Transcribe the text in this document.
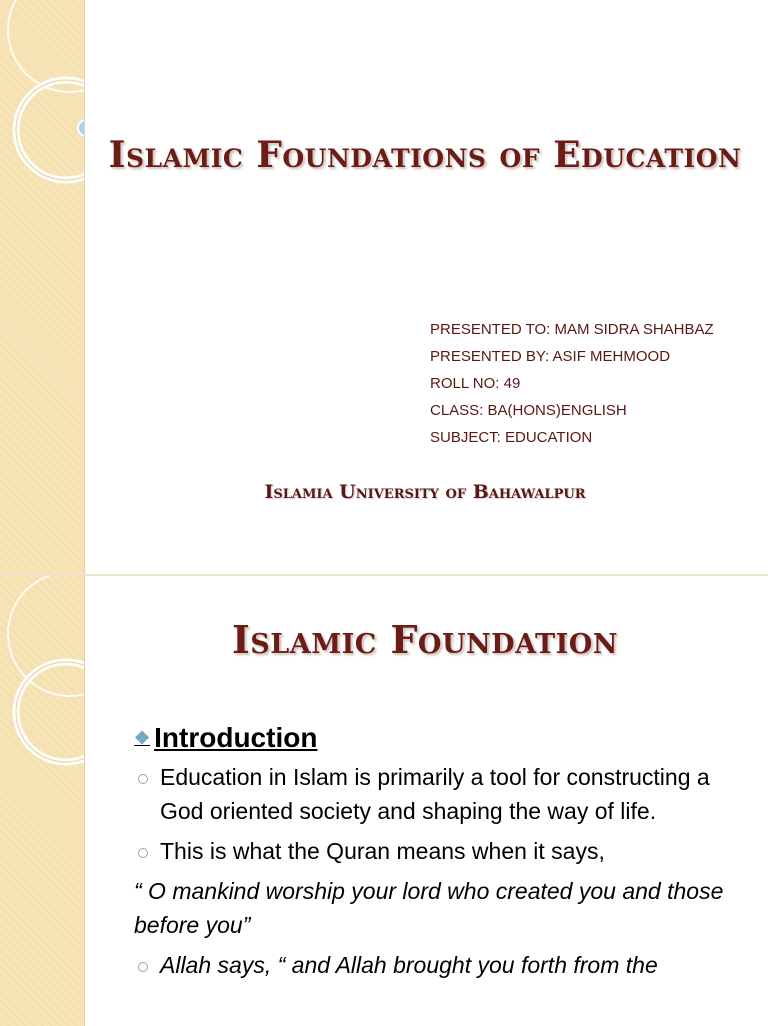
Islamic Foundations of Education
PRESENTED TO: MAM SIDRA SHAHBAZ
PRESENTED BY: ASIF MEHMOOD
ROLL NO: 49
CLASS: BA(HONS)ENGLISH
SUBJECT: EDUCATION
Islamia University of Bahawalpur
Islamic Foundation
❖ Introduction
Education in Islam is primarily a tool for constructing a God oriented society and shaping the way of life.
This is what the Quran means when it says,
“ O mankind worship your lord who created you and those before you”
Allah says, “ and Allah brought you forth from the
